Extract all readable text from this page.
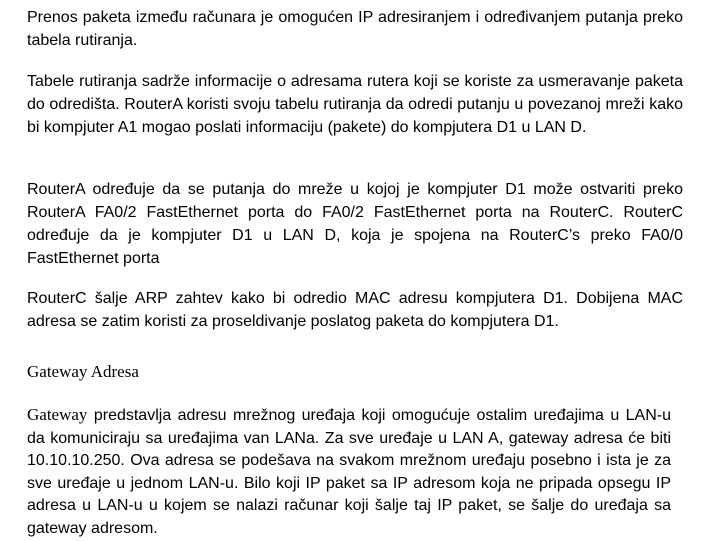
Prenos paketa između računara je omogućen IP adresiranjem i određivanjem putanja preko tabela rutiranja.

Tabele rutiranja sadrže informacije o adresama rutera koji se koriste za usmeravanje paketa do odredišta. RouterA koristi svoju tabelu rutiranja da odredi putanju u povezanoj mreži kako bi kompjuter A1 mogao poslati informaciju (pakete) do kompjutera D1 u LAN D.

RouterA određuje da se putanja do mreže u kojoj je kompjuter D1 može ostvariti preko RouterA FA0/2 FastEthernet porta do FA0/2 FastEthernet porta na RouterC. RouterC određuje da je kompjuter D1 u LAN D, koja je spojena na RouterC’s preko FA0/0 FastEthernet porta

RouterC šalje ARP zahtev kako bi odredio MAC adresu kompjutera D1. Dobijena MAC adresa se zatim koristi za proseldivanje poslatog paketa do kompjutera D1.

Gateway Adresa

Gateway predstavlja adresu mrežnog uređaja koji omogućuje ostalim uređajima u LAN-u da komuniciraju sa uređajima van LANa. Za sve uređaje u LAN A, gateway adresa će biti 10.10.10.250. Ova adresa se podešava na svakom mrežnom uređaju posebno i ista je za sve uređaje u jednom LAN-u. Bilo koji IP paket sa IP adresom koja ne pripada opsegu IP adresa u LAN-u u kojem se nalazi računar koji šalje taj IP paket, se šalje do uređaja sa gateway adresom.
